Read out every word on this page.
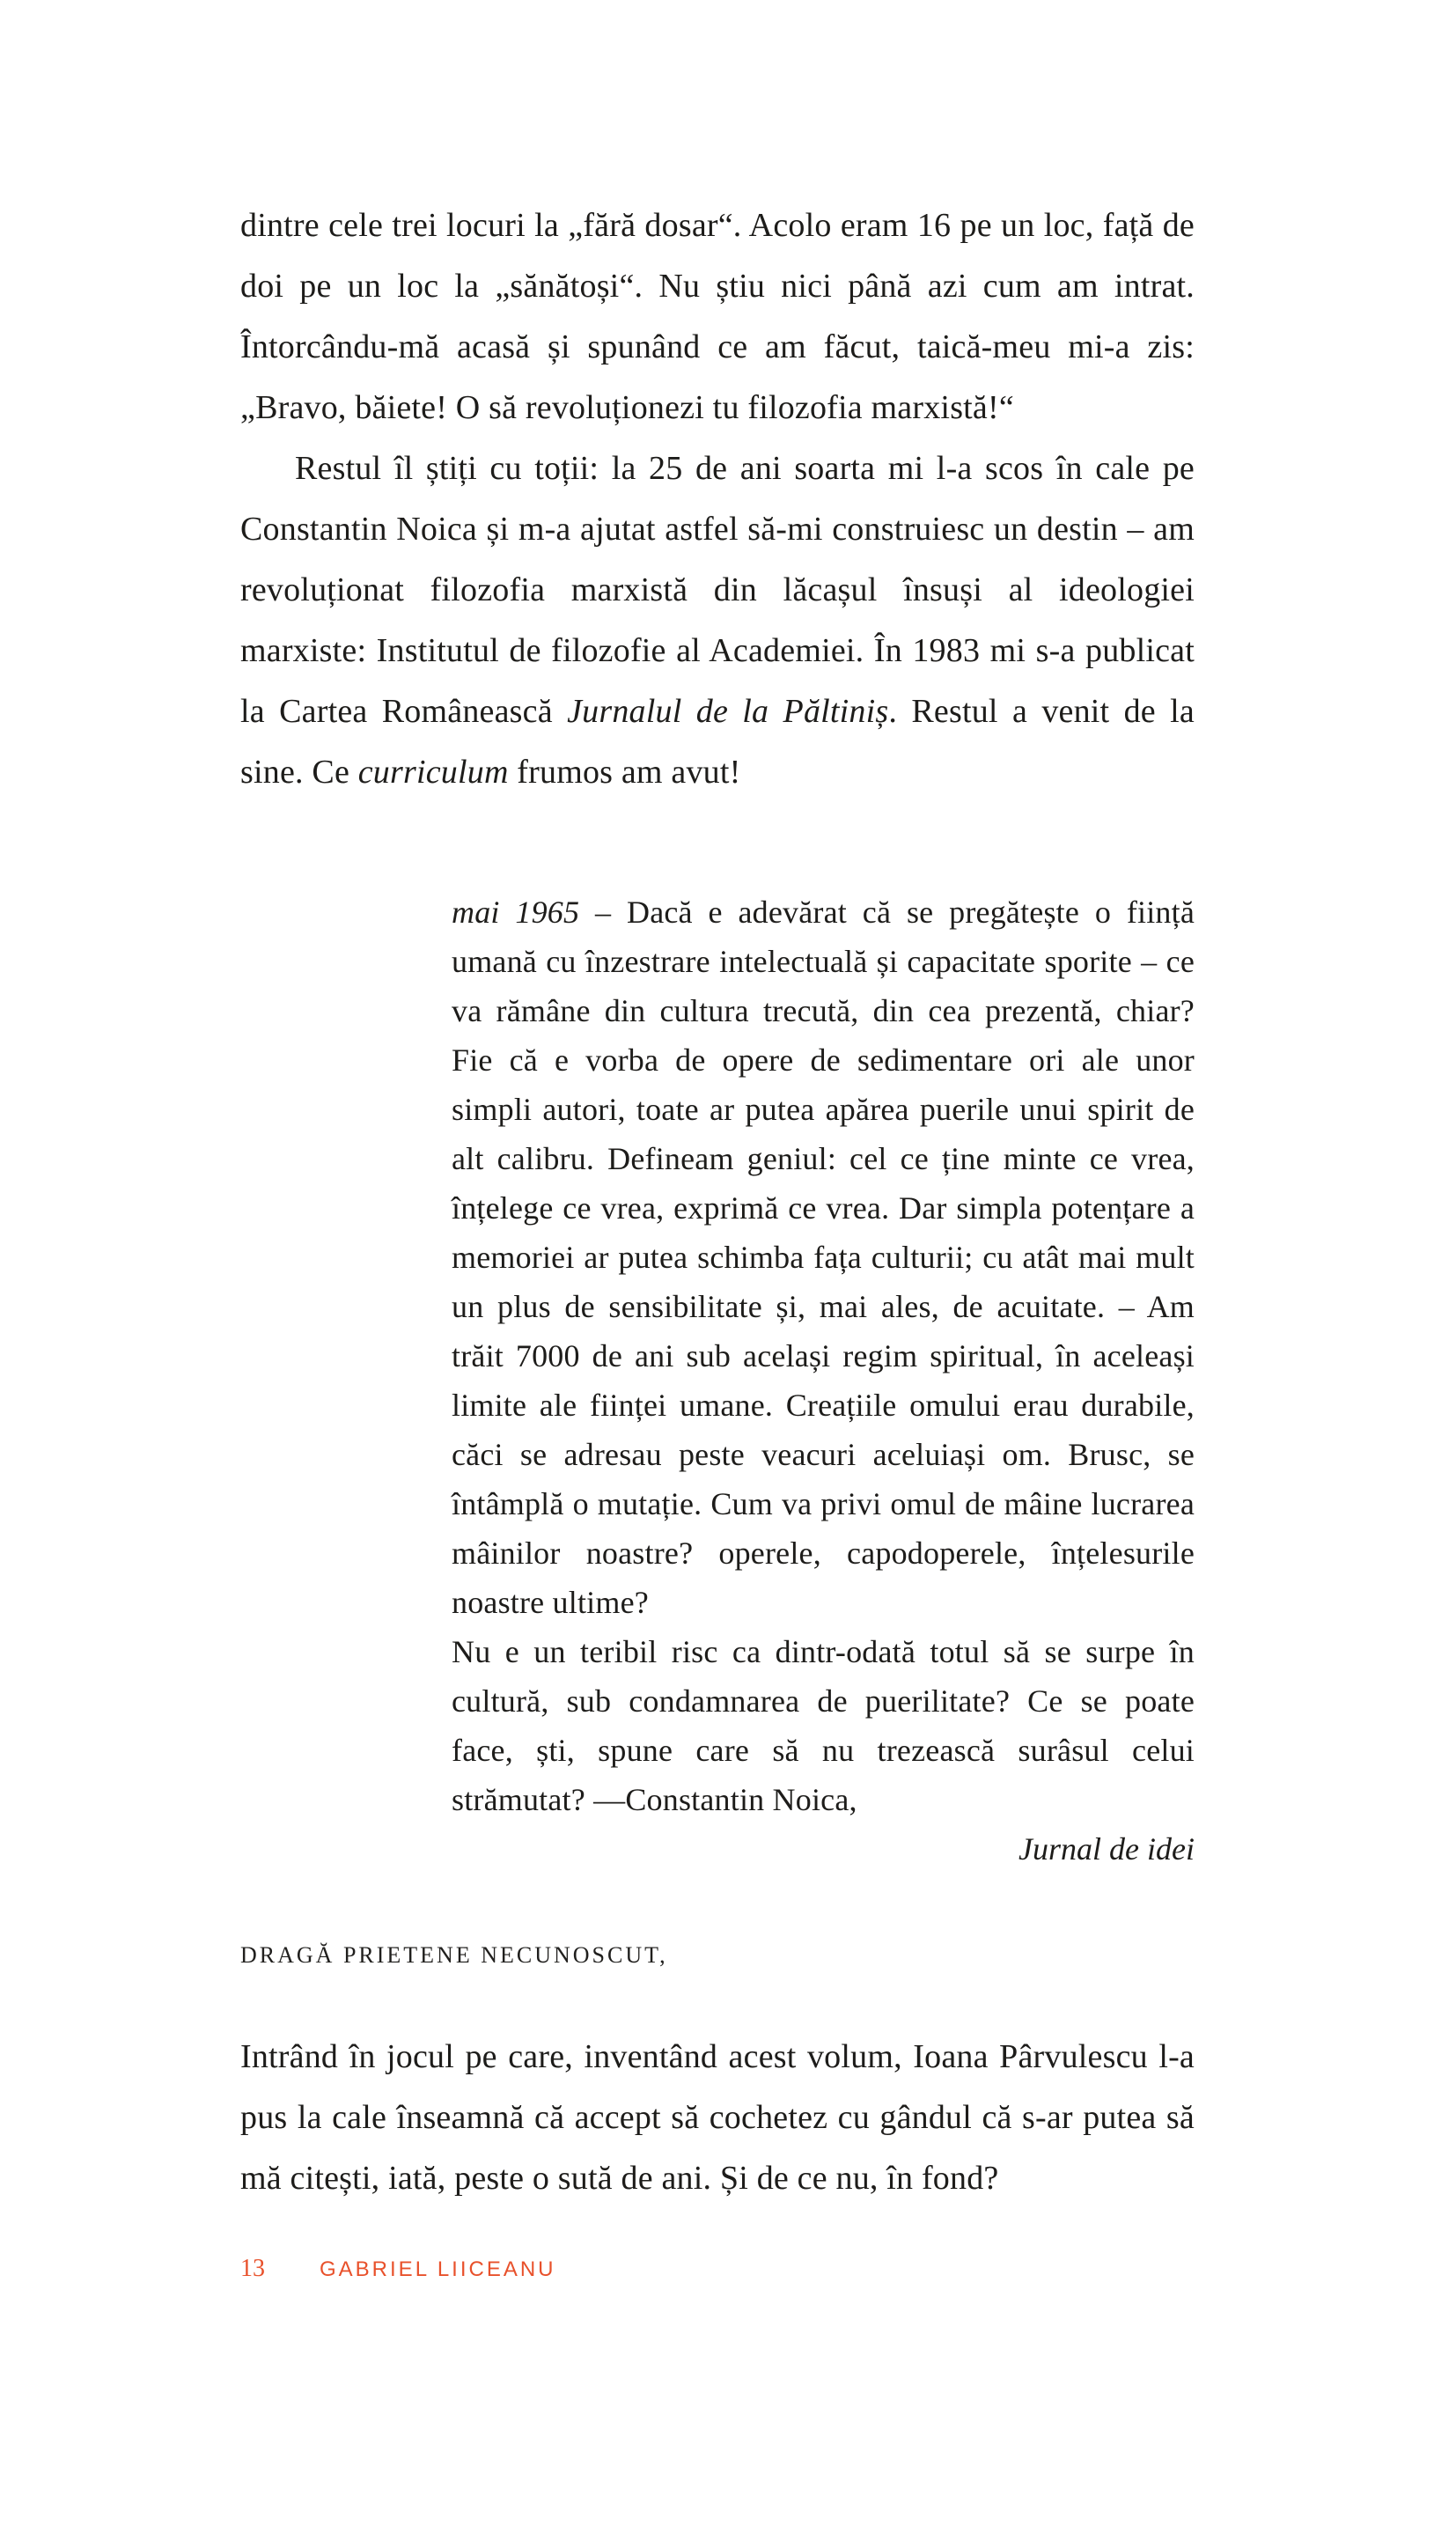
dintre cele trei locuri la „fără dosar“. Acolo eram 16 pe un loc, față de doi pe un loc la „sănătoși“. Nu știu nici până azi cum am intrat. Întorcându-mă acasă și spunând ce am făcut, taică-meu mi-a zis: „Bravo, băiete! O să revoluționezi tu filozofia marxistă!“

Restul îl știți cu toții: la 25 de ani soarta mi l-a scos în cale pe Constantin Noica și m-a ajutat astfel să-mi construiesc un destin – am revoluționat filozofia marxistă din lăcașul însuși al ideologiei marxiste: Institutul de filozofie al Academiei. În 1983 mi s-a publicat la Cartea Românească Jurnalul de la Păltiniș. Restul a venit de la sine. Ce curriculum frumos am avut!

mai 1965 – Dacă e adevărat că se pregătește o ființă umană cu înzestrare intelectuală și capacitate sporite – ce va rămâne din cultura trecută, din cea prezentă, chiar? Fie că e vorba de opere de sedimentare ori ale unor simpli autori, toate ar putea apărea puerile unui spirit de alt calibru. Defineam geniul: cel ce ține minte ce vrea, înțelege ce vrea, exprimă ce vrea. Dar simpla potențare a memoriei ar putea schimba fața culturii; cu atât mai mult un plus de sensibilitate și, mai ales, de acuitate. – Am trăit 7000 de ani sub același regim spiritual, în aceleași limite ale ființei umane. Creațiile omului erau durabile, căci se adresau peste veacuri aceluiași om. Brusc, se întâmplă o mutație. Cum va privi omul de mâine lucrarea mâinilor noastre? operele, capodoperele, înțelesurile noastre ultime?

Nu e un teribil risc ca dintr-odată totul să se surpe în cultură, sub condamnarea de puerilitate? Ce se poate face, ști, spune care să nu trezească surâsul celui strămutat? —Constantin Noica,

Jurnal de idei

DRAGĂ PRIETENE NECUNOSCUT,

Intrând în jocul pe care, inventând acest volum, Ioana Pârvulescu l-a pus la cale înseamnă că accept să cochetez cu gândul că s-ar putea să mă citești, iată, peste o sută de ani. Și de ce nu, în fond?

13	GABRIEL LIICEANU
